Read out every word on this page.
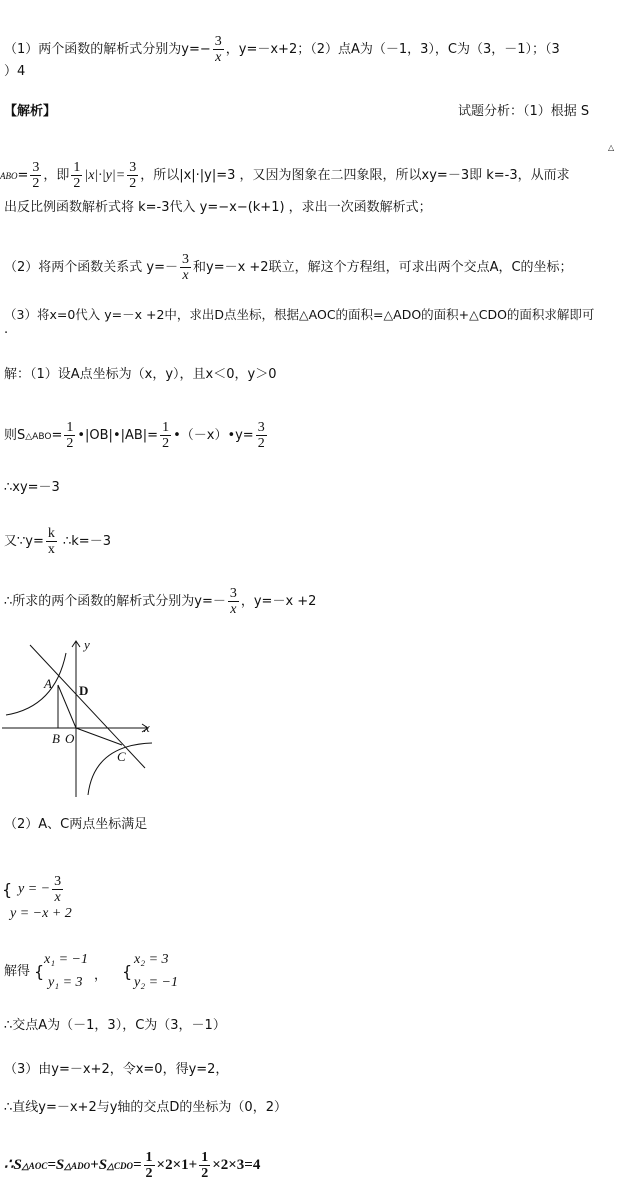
（1）两个函数的解析式分别为$y=- \frac{3}{x}$ ，y=－x+2；（2）点A为（－1，3），C为（3，－1）；（3
）4
【解析】	试题分析：（1）根据 S
△
$ABO= \frac{3}{2}$ ，即 $\frac{1}{2} |x|\cdot|y|= \frac{3}{2}$ ，所以|x|·|y|=3 ，又因为图象在二四象限，所以xy=－3即 k=-3，从而求
出反比例函数解析式将 k=-3代入 y=−x−(k+1) ，求出一次函数解析式；
（2）将两个函数关系式 $y=- \frac{3}{x}$ 和y=－x +2联立，解这个方程组，可求出两个交点A，C的坐标；
（3）将x=0代入 y=－x +2中，求出D点坐标，根据△AOC的面积=△ADO的面积+△CDO的面积求解即可
.
解：（1）设A点坐标为（x，y），且x＜0，y＞0
则S△ABO= $\frac{1}{2}$ •|OB|•|AB|= $\frac{1}{2}$ •（－x）•y= $\frac{3}{2}$
∴xy=－3
又∵y= $\frac{k}{x}$ ∴k=－3
∴所求的两个函数的解析式分别为$y=- \frac{3}{x}$ ，y=－x +2
y
x
A D
B O
C
（2）A、C两点坐标满足
{ y = − $\frac{3}{x}$
y = −x + 2
解得 {
x₁ = −1
y₁ = 3 ， {
x₂ = 3
y₂ = −1
∴交点A为（－1，3），C为（3，－1）
（3）由y=－x+2，令x=0，得y=2，
∴直线y=－x+2与y轴的交点D的坐标为（0，2）
∴S△AOC=S△ADO+S△CDO= $\frac{1}{2} \times 2\times 1+ \frac{1}{2} \times 2\times 3=4$
